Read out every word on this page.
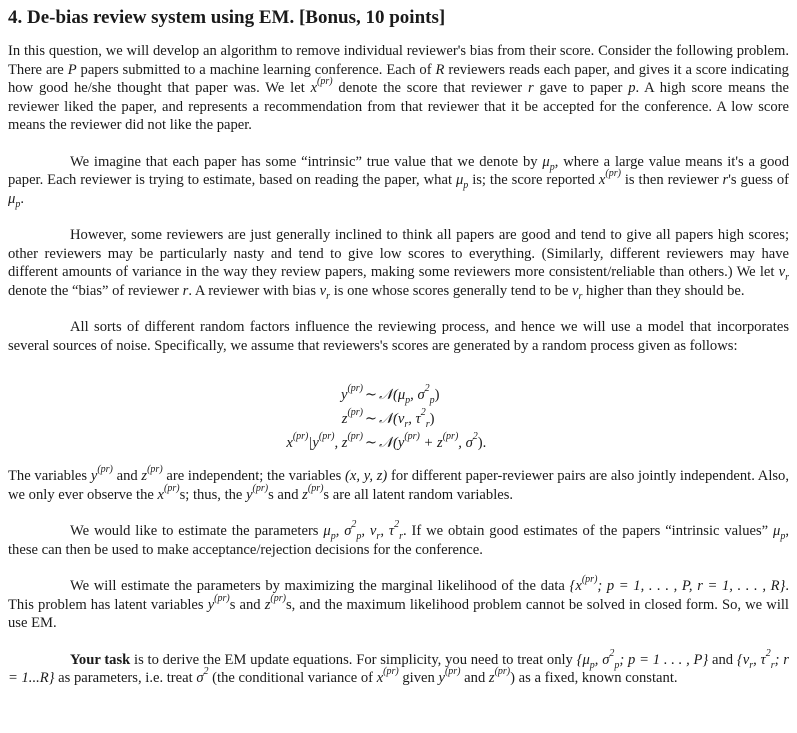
4. De-bias review system using EM. [Bonus, 10 points]

In this question, we will develop an algorithm to remove individual reviewer's bias from their score. Consider the following problem. There are P papers submitted to a machine learning conference. Each of R reviewers reads each paper, and gives it a score indicating how good he/she thought that paper was. We let $x^{(pr)}$ denote the score that reviewer r gave to paper p. A high score means the reviewer liked the paper, and represents a recommendation from that reviewer that it be accepted for the conference. A low score means the reviewer did not like the paper.

We imagine that each paper has some “intrinsic” true value that we denote by $\mu_p$, where a large value means it's a good paper. Each reviewer is trying to estimate, based on reading the paper, what $\mu_p$ is; the score reported $x^{(pr)}$ is then reviewer r's guess of $\mu_p$.

However, some reviewers are just generally inclined to think all papers are good and tend to give all papers high scores; other reviewers may be particularly nasty and tend to give low scores to everything. (Similarly, different reviewers may have different amounts of variance in the way they review papers, making some reviewers more consistent/reliable than others.) We let $\nu_r$ denote the “bias” of reviewer r. A reviewer with bias $\nu_r$ is one whose scores generally tend to be $\nu_r$ higher than they should be.

All sorts of different random factors influence the reviewing process, and hence we will use a model that incorporates several sources of noise. Specifically, we assume that reviewers's scores are generated by a random process given as follows:

$y^{(pr)}$ ∼ $𝒩(\mu_p$, $\sigma^2_p$)
$z^{(pr)}$ ∼ $𝒩(\nu_r$, $\tau^2_r$)
$x^{(pr)}|y^{(pr)}$, $z^{(pr)}$ ∼ $𝒩(y^{(pr)} + z^{(pr)}$, $\sigma^2$).

The variables $y^{(pr)}$ and $z^{(pr)}$ are independent; the variables (x, y, z) for different paper-reviewer pairs are also jointly independent. Also, we only ever observe the $x^{(pr)}s$; thus, the $y^{(pr)}s$ and $z^{(pr)}s$ are all latent random variables.

We would like to estimate the parameters $\mu_p$, $\sigma^2_p$, $\nu_r$, $\tau^2_r$. If we obtain good estimates of the papers “intrinsic values” $\mu_p$, these can then be used to make acceptance/rejection decisions for the conference.

We will estimate the parameters by maximizing the marginal likelihood of the data {$x^{(pr)}$; p = 1, . . . , P, r = 1, . . . , R}. This problem has latent variables $y^{(pr)}s$ and $z^{(pr)}s$, and the maximum likelihood problem cannot be solved in closed form. So, we will use EM.

Your task is to derive the EM update equations. For simplicity, you need to treat only {$\mu_p$, $\sigma^2_p$; p = 1 . . . , P} and {$\nu_r$, $\tau^2_r$; r = 1...R} as parameters, i.e. treat $\sigma^2$ (the conditional variance of $x^{(pr)}$ given $y^{(pr)}$ and $z^{(pr)}$) as a fixed, known constant.
